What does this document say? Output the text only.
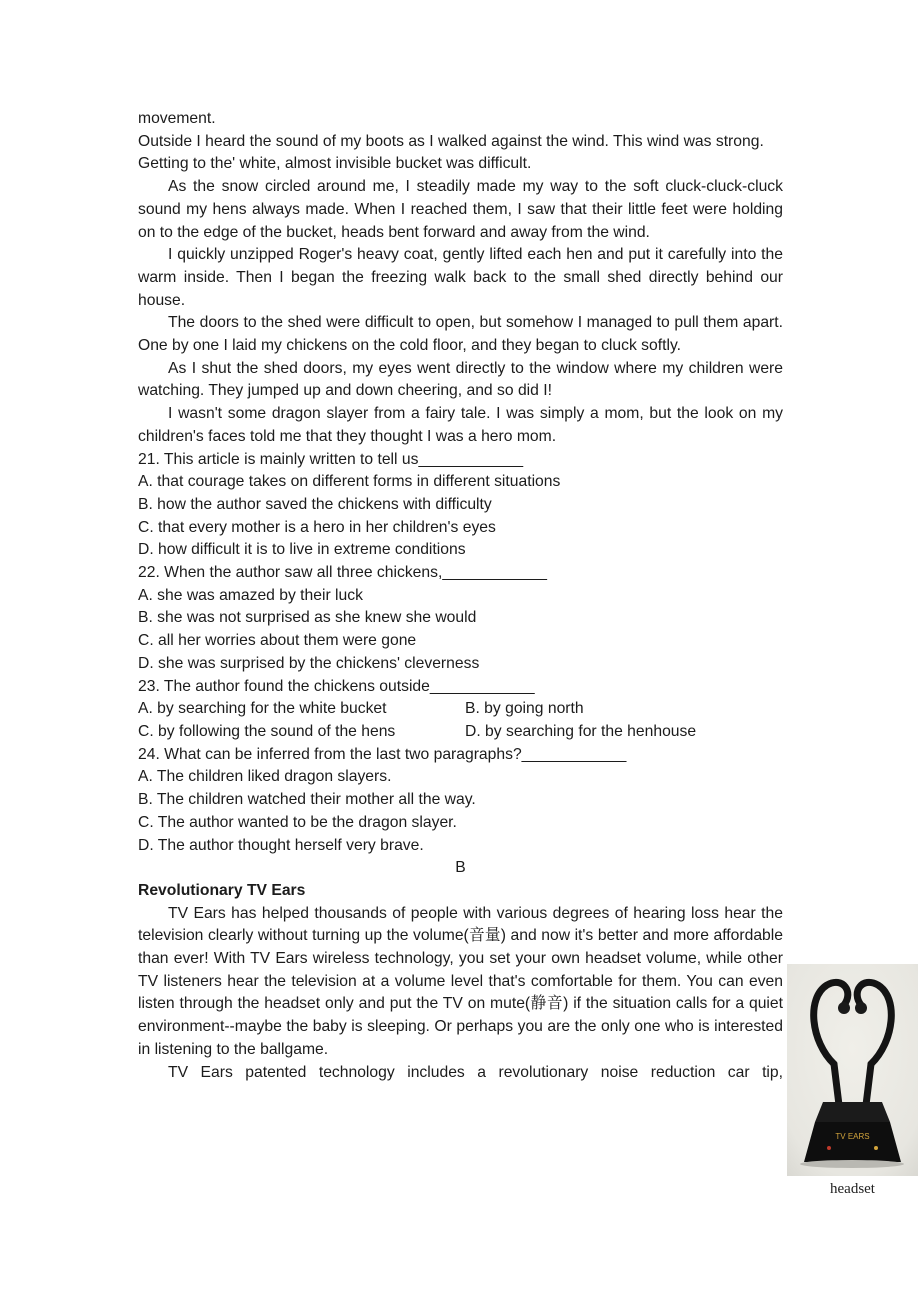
movement.

Outside I heard the sound of my boots as I walked against the wind. This wind was strong.

Getting to the' white, almost invisible bucket was difficult.

As the snow circled around me, I steadily made my way to the soft cluck-cluck-cluck sound my hens always made. When I reached them, I saw that their little feet were holding on to the edge of the bucket, heads bent forward and away from the wind.

I quickly unzipped Roger's heavy coat, gently lifted each hen and put it carefully into the warm inside. Then I began the freezing walk back to the small shed directly behind our house.

The doors to the shed were difficult to open, but somehow I managed to pull them apart. One by one I laid my chickens on the cold floor, and they began to cluck softly.

As I shut the shed doors, my eyes went directly to the window where my children were watching. They jumped up and down cheering, and so did I!

I wasn't some dragon slayer from a fairy tale. I was simply a mom, but the look on my children's faces told me that they thought I was a hero mom.

21. This article is mainly written to tell us____________

A. that courage takes on different forms in different situations

B. how the author saved the chickens with difficulty

C. that every mother is a hero in her children's eyes

D. how difficult it is to live in extreme conditions

22. When the author saw all three chickens,____________

A. she was amazed by their luck

B. she was not surprised as she knew she would

C. all her worries about them were gone

D. she was surprised by the chickens' cleverness

23. The author found the chickens outside____________

A. by searching for the white bucket	B. by going north

C. by following the sound of the hens	D. by searching for the henhouse

24. What can be inferred from the last two paragraphs?____________

A. The children liked dragon slayers.

B. The children watched their mother all the way.

C. The author wanted to be the dragon slayer.

D. The author thought herself very brave.

B

Revolutionary TV Ears

TV Ears has helped thousands of people with various degrees of hearing loss hear the television clearly without turning up the volume(音量) and now it's better and more affordable than ever! With TV Ears wireless technology, you set your own headset volume, while other TV listeners hear the television at a volume level that's comfortable for them. You can even listen through the headset only and put the TV on mute(静音) if the situation calls for a quiet environment--maybe the baby is sleeping. Or perhaps you are the only one who is interested in listening to the ballgame.

TV Ears patented technology includes a revolutionary noise reduction car tip,

TV EARS
headset
